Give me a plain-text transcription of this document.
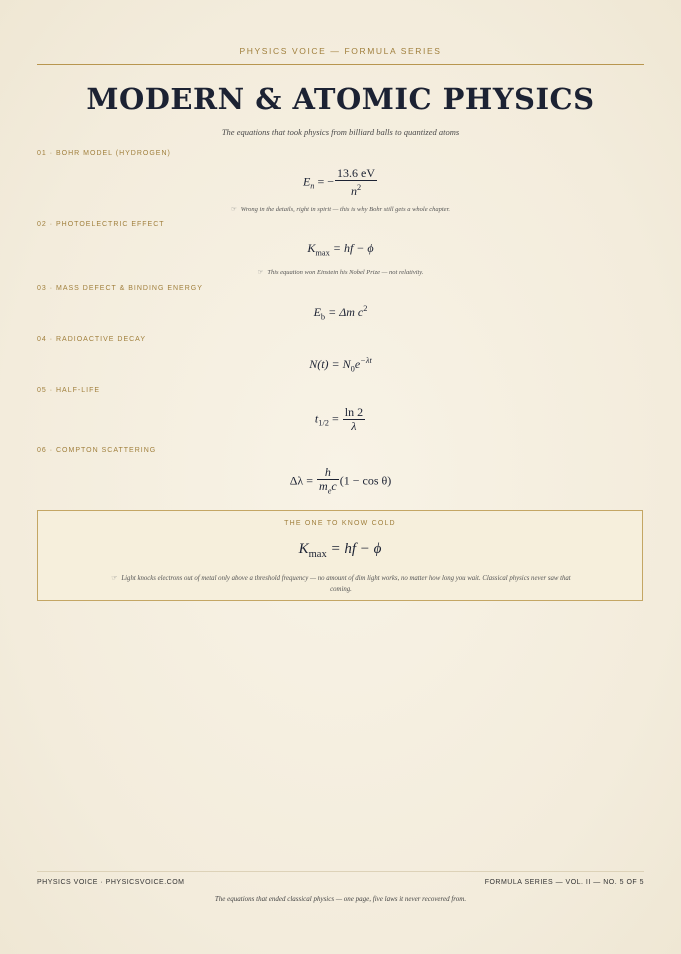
PHYSICS VOICE — FORMULA SERIES
MODERN & ATOMIC PHYSICS
The equations that took physics from billiard balls to quantized atoms
01 · BOHR MODEL (HYDROGEN)
$E_n$ = − $\frac{13.6 eV}{n^2}$
☞ Wrong in the details, right in spirit — this is why Bohr still gets a whole chapter.
02 · PHOTOELECTRIC EFFECT
$K_{max}$ = hf − ϕ
☞ This equation won Einstein his Nobel Prize — not relativity.
03 · MASS DEFECT & BINDING ENERGY
$E_b = \Delta m$ $c^2$
04 · RADIOACTIVE DECAY
$N(t) = N_0e^{-\lambda t}$
05 · HALF-LIFE
$t_{1/2} = \frac{\ln 2}{\lambda}$
06 · COMPTON SCATTERING
$\Delta\lambda = \frac{h}{m_ec} (1 - \cos \theta)$
THE ONE TO KNOW COLD
$K_{max}$ = hf − ϕ
☞ Light knocks electrons out of metal only above a threshold frequency — no amount of dim light works, no matter how long you wait. Classical physics never saw that coming.
PHYSICS VOICE · PHYSICSVOICE.COM	FORMULA SERIES — VOL. II — NO. 5 OF 5
The equations that ended classical physics — one page, five laws it never recovered from.
